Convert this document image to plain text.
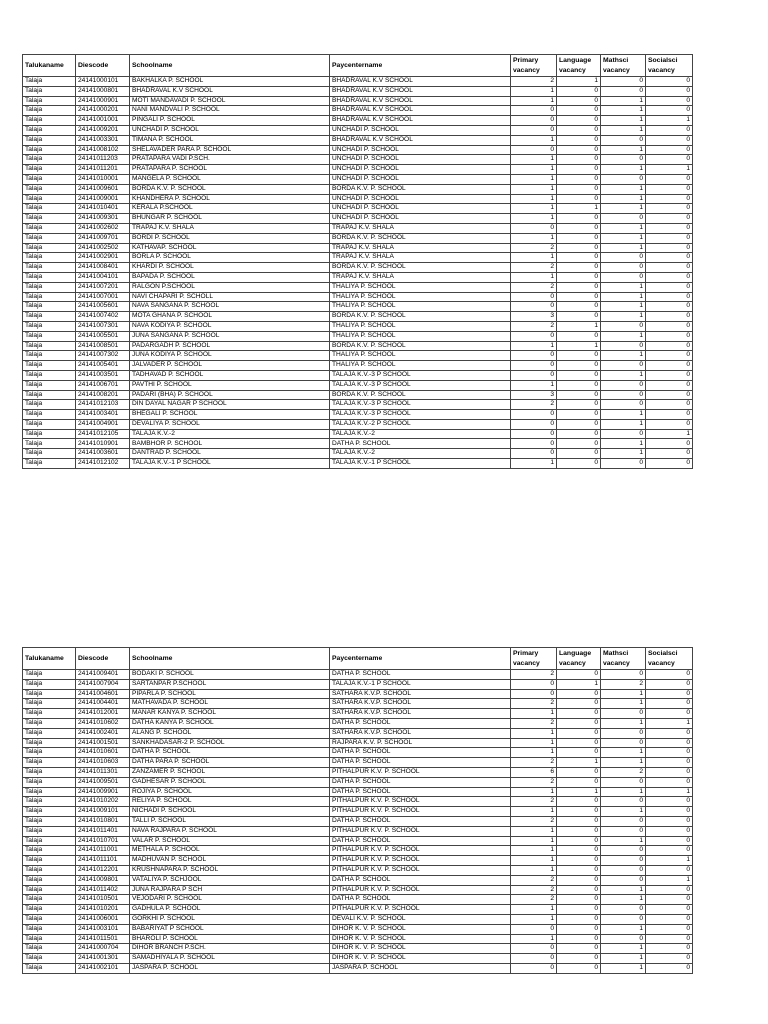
Talukaname	Diescode	Schoolname	Paycentername	Primary vacancy	Language vacancy	Mathsci vacancy	Socialsci vacancy
Talaja	24141000101	BAKHALKA P. SCHOOL	BHADRAVAL K.V SCHOOL	2	1	0	0
Talaja	24141000801	BHADRAVAL K.V SCHOOL	BHADRAVAL K.V SCHOOL	1	0	0	0
Talaja	24141000901	MOTI MANDAVADI P. SCHOOL	BHADRAVAL K.V SCHOOL	1	0	1	0
Talaja	24141000201	NANI MANDVALI P. SCHOOL	BHADRAVAL K.V SCHOOL	0	0	1	0
Talaja	24141001001	PINGALI P. SCHOOL	BHADRAVAL K.V SCHOOL	0	0	1	1
Talaja	24141009201	UNCHADI P. SCHOOL	UNCHADI P. SCHOOL	0	0	1	0
Talaja	24141003301	TIMANA P. SCHOOL	BHADRAVAL K.V SCHOOL	1	0	0	0
Talaja	24141008102	SHELAVADER PARA P. SCHOOL	UNCHADI P. SCHOOL	0	0	1	0
Talaja	24141011203	PRATAPARA VADI P.SCH.	UNCHADI P. SCHOOL	1	0	0	0
Talaja	24141011201	PRATAPARA P. SCHOOL	UNCHADI P. SCHOOL	1	0	1	1
Talaja	24141010001	MANGELA P. SCHOOL	UNCHADI P. SCHOOL	1	0	0	0
Talaja	24141009601	BORDA K.V. P. SCHOOL	BORDA K.V. P. SCHOOL	1	0	1	0
Talaja	24141009001	KHANDHERA P. SCHOOL	UNCHADI P. SCHOOL	1	0	1	0
Talaja	24141010401	KERALA P.SCHOOL	UNCHADI P. SCHOOL	1	1	1	0
Talaja	24141009301	BHUNGAR P. SCHOOL	UNCHADI P. SCHOOL	1	0	0	0
Talaja	24141002602	TRAPAJ K.V. SHALA	TRAPAJ K.V. SHALA	0	0	1	0
Talaja	24141009701	BORDI P. SCHOOL	BORDA K.V. P. SCHOOL	1	0	1	0
Talaja	24141002502	KATHAVAP. SCHOOL	TRAPAJ K.V. SHALA	2	0	1	0
Talaja	24141002901	BORLA P. SCHOOL	TRAPAJ K.V. SHALA	1	0	0	0
Talaja	24141008401	KHARDI P. SCHOOL	BORDA K.V. P. SCHOOL	2	0	0	0
Talaja	24141004101	BAPADA P. SCHOOL	TRAPAJ K.V. SHALA	1	0	0	0
Talaja	24141007201	RALGON P.SCHOOL	THALIYA P. SCHOOL	2	0	1	0
Talaja	24141007001	NAVI CHAPARI P. SCHOLL	THALIYA P. SCHOOL	0	0	1	0
Talaja	24141005601	NAVA SANGANA P. SCHOOL	THALIYA P. SCHOOL	0	0	1	0
Talaja	24141007402	MOTA GHANA P. SCHOOL	BORDA K.V. P. SCHOOL	3	0	1	0
Talaja	24141007301	NAVA KODIYA P. SCHOOL	THALIYA P. SCHOOL	2	1	0	0
Talaja	24141005501	JUNA SANGANA P. SCHOOL	THALIYA P. SCHOOL	0	0	1	0
Talaja	24141008501	PADARGADH P. SCHOOL	BORDA K.V. P. SCHOOL	1	1	0	0
Talaja	24141007302	JUNA KODIYA P. SCHOOL	THALIYA P. SCHOOL	0	0	1	0
Talaja	24141005401	JALVADER P. SCHOOL	THALIYA P. SCHOOL	0	0	0	0
Talaja	24141003501	TADHAVAD P. SCHOOL	TALAJA K.V.-3 P SCHOOL	0	0	1	0
Talaja	24141006701	PAVTHI P. SCHOOL	TALAJA K.V.-3 P SCHOOL	1	0	0	0
Talaja	24141008201	PADARI (BHA) P. SCHOOL	BORDA K.V. P. SCHOOL	3	0	0	0
Talaja	24141012103	DIN DAYAL NAGAR P SCHOOL	TALAJA K.V.-3 P SCHOOL	2	0	0	0
Talaja	24141003401	BHEGALI P. SCHOOL	TALAJA K.V.-3 P SCHOOL	0	0	1	0
Talaja	24141004901	DEVALIYA P. SCHOOL	TALAJA K.V.-2 P SCHOOL	0	0	1	0
Talaja	24141012105	TALAJA K.V.-2	TALAJA K.V.-2	0	0	0	1
Talaja	24141010901	BAMBHOR P. SCHOOL	DATHA P. SCHOOL	0	0	1	0
Talaja	24141003601	DANTRAD P. SCHOOL	TALAJA K.V.-2	0	0	1	0
Talaja	24141012102	TALAJA K.V.-1 P SCHOOL	TALAJA K.V.-1 P SCHOOL	1	0	0	0
Talukaname	Diescode	Schoolname	Paycentername	Primary vacancy	Language vacancy	Mathsci vacancy	Socialsci vacancy
Talaja	24141009401	BODAKI P. SCHOOL	DATHA P. SCHOOL	2	0	0	0
Talaja	24141007904	SARTANPAR P.SCHOOL	TALAJA K.V.-1 P SCHOOL	0	1	2	0
Talaja	24141004601	PIPARLA P. SCHOOL	SATHARA K.V.P. SCHOOL	0	0	1	0
Talaja	24141004401	MATHAVADA P. SCHOOL	SATHARA K.V.P. SCHOOL	2	0	1	0
Talaja	24141012001	MANAR KANYA P. SCHOOL	SATHARA K.V.P. SCHOOL	1	0	0	0
Talaja	24141010602	DATHA KANYA P. SCHOOL	DATHA P. SCHOOL	2	0	1	1
Talaja	24141002401	ALANG P. SCHOOL	SATHARA K.V.P. SCHOOL	1	0	0	0
Talaja	24141001501	SANKHADASAR-2 P. SCHOOL	RAJPARA K.V. P. SCHOOL	1	0	0	0
Talaja	24141010601	DATHA P. SCHOOL	DATHA P. SCHOOL	1	0	1	0
Talaja	24141010603	DATHA PARA P. SCHOOL	DATHA P. SCHOOL	2	1	1	0
Talaja	24141011301	ZANZAMER P. SCHOOL	PITHALPUR K.V. P. SCHOOL	6	0	2	0
Talaja	24141009501	GADHESAR P. SCHOOL	DATHA P. SCHOOL	2	0	0	0
Talaja	24141009901	ROJIYA P. SCHOOL	DATHA P. SCHOOL	1	1	1	1
Talaja	24141010202	RELIYA P. SCHOOL	PITHALPUR K.V. P. SCHOOL	2	0	0	0
Talaja	24141009101	NICHADI P. SCHOOL	PITHALPUR K.V. P. SCHOOL	1	0	1	0
Talaja	24141010801	TALLI P. SCHOOL	DATHA P. SCHOOL	2	0	0	0
Talaja	24141011401	NAVA RAJPARA P. SCHOOL	PITHALPUR K.V. P. SCHOOL	1	0	0	0
Talaja	24141010701	VALAR P. SCHOOL	DATHA P. SCHOOL	1	0	1	0
Talaja	24141011001	METHALA P. SCHOOL	PITHALPUR K.V. P. SCHOOL	1	0	0	0
Talaja	24141011101	MADHUVAN P. SCHOOL	PITHALPUR K.V. P. SCHOOL	1	0	0	1
Talaja	24141012201	KRUSHNAPARA P. SCHOOL	PITHALPUR K.V. P. SCHOOL	1	0	0	0
Talaja	24141009801	VATALIYA P. SCHJOOL	DATHA P. SCHOOL	2	0	0	1
Talaja	24141011402	JUNA RAJPARA P SCH	PITHALPUR K.V. P. SCHOOL	2	0	1	0
Talaja	24141010501	VEJODARI P. SCHOOL	DATHA P. SCHOOL	2	0	1	0
Talaja	24141010201	GADHULA P. SCHOOL	PITHALPUR K.V. P. SCHOOL	1	0	0	0
Talaja	24141006001	GORKHI P. SCHOOL	DEVALI K.V. P. SCHOOL	1	0	0	0
Talaja	24141003101	BABARIYAT P SCHOOL	DIHOR K. V. P. SCHOOL	0	0	1	0
Talaja	24141011501	BHAROLI P. SCHOOL	DIHOR K. V. P. SCHOOL	1	0	0	0
Talaja	24141000704	DIHOR BRANCH P.SCH.	DIHOR K. V. P. SCHOOL	0	0	1	0
Talaja	24141001301	SAMADHIYALA P. SCHOOL	DIHOR K. V. P. SCHOOL	0	0	1	0
Talaja	24141002101	JASPARA P. SCHOOL	JASPARA P. SCHOOL	0	0	1	0
